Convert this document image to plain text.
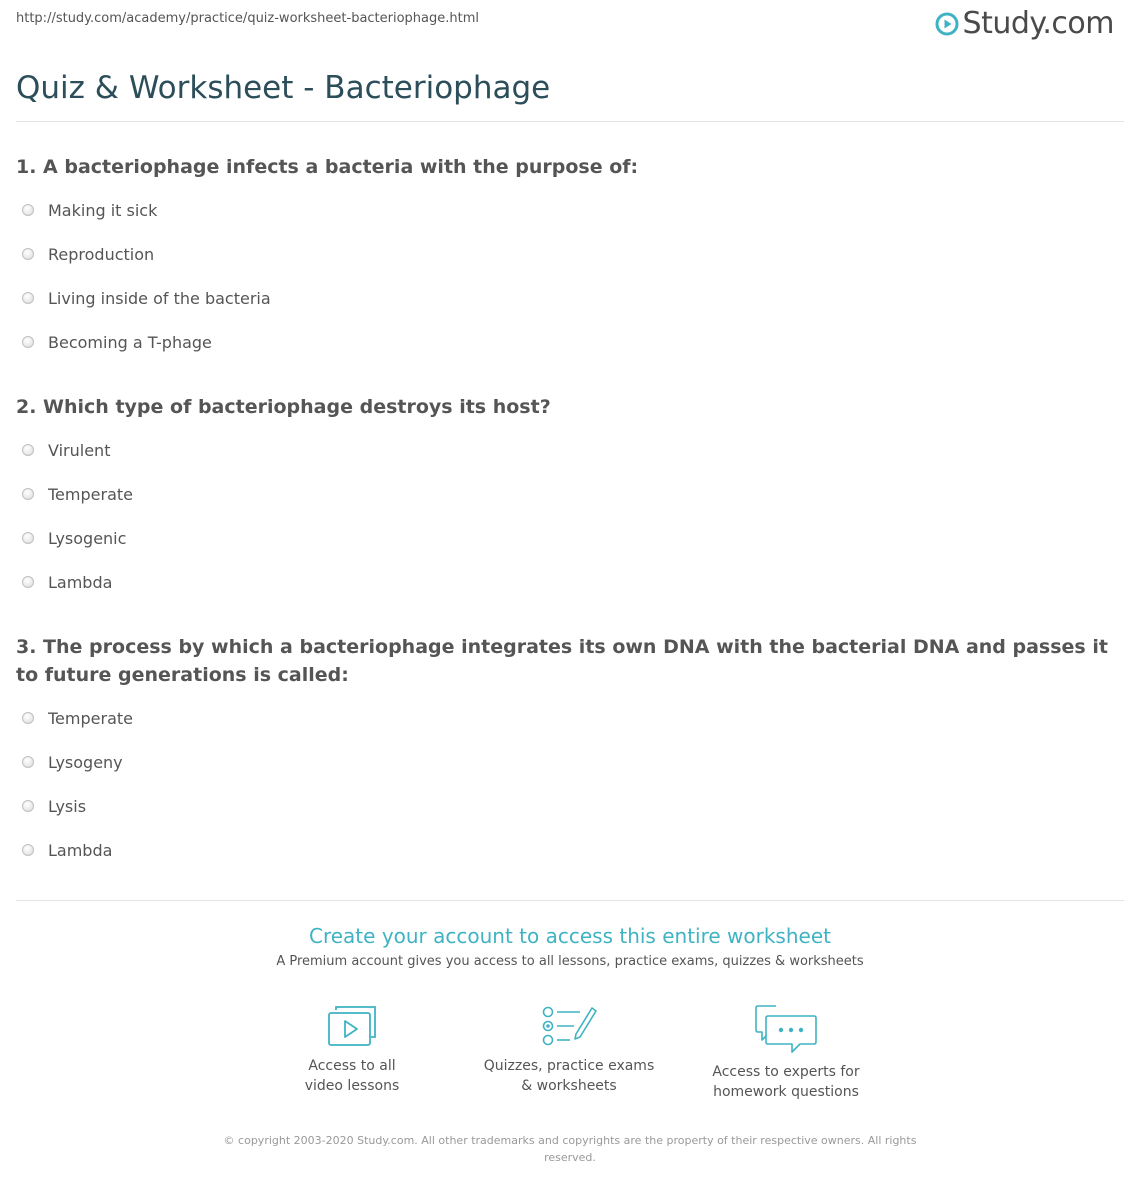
http://study.com/academy/practice/quiz-worksheet-bacteriophage.html	Study.com
Quiz & Worksheet - Bacteriophage
1. A bacteriophage infects a bacteria with the purpose of:
Making it sick
Reproduction
Living inside of the bacteria
Becoming a T-phage
2. Which type of bacteriophage destroys its host?
Virulent
Temperate
Lysogenic
Lambda
3. The process by which a bacteriophage integrates its own DNA with the bacterial DNA and passes it to future generations is called:
Temperate
Lysogeny
Lysis
Lambda
Create your account to access this entire worksheet
A Premium account gives you access to all lessons, practice exams, quizzes & worksheets
Access to all
video lessons
Quizzes, practice exams
& worksheets
Access to experts for
homework questions
© copyright 2003-2020 Study.com. All other trademarks and copyrights are the property of their respective owners. All rights reserved.
